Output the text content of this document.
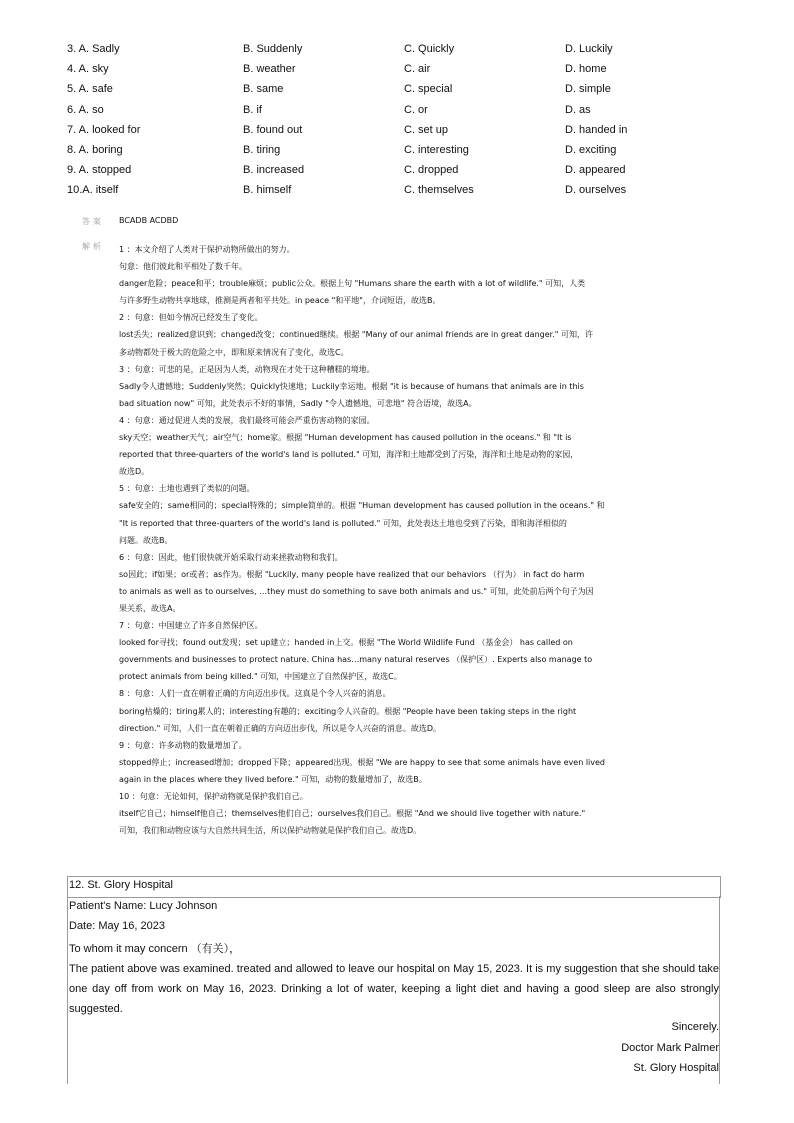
3. A. Sadly	B. Suddenly	C. Quickly	D. Luckily
4. A. sky	B. weather	C. air	D. home
5. A. safe	B. same	C. special	D. simple
6. A. so	B. if	C. or	D. as
7. A. looked for	B. found out	C. set up	D. handed in
8. A. boring	B. tiring	C. interesting	D. exciting
9. A. stopped	B. increased	C. dropped	D. appeared
10.A. itself	B. himself	C. themselves	D. ourselves
答案 BCADB ACDBD
解析 1 ：本文介绍了人类对于保护动物所做出的努力。
句意：他们彼此和平相处了数千年。
danger危险；peace和平；trouble麻烦；public公众。根据上句 "Humans share the earth with a lot of wildlife." 可知，人类
与许多野生动物共享地球，推测是两者和平共处。in peace "和平地"，介词短语，故选B。
2 ：句意：但如今情况已经发生了变化。
lost丢失；realized意识到；changed改变；continued继续。根据 "Many of our animal friends are in great danger." 可知，许
多动物都处于极大的危险之中，即和原来情况有了变化，故选C。
3 ：句意：可悲的是，正是因为人类，动物现在才处于这种糟糕的境地。
Sadly令人遗憾地；Suddenly突然；Quickly快速地；Luckily幸运地。根据 "it is because of humans that animals are in this
bad situation now" 可知，此处表示不好的事情，Sadly "令人遗憾地，可悲地" 符合语境，故选A。
4 ：句意：通过促进人类的发展，我们最终可能会严重伤害动物的家园。
sky天空；weather天气；air空气；home家。根据 "Human development has caused pollution in the oceans." 和 "It is
reported that three-quarters of the world's land is polluted." 可知，海洋和土地都受到了污染，海洋和土地是动物的家园，
故选D。
5 ：句意：土地也遇到了类似的问题。
safe安全的；same相同的；special特殊的；simple简单的。根据 "Human development has caused pollution in the oceans." 和
"It is reported that three-quarters of the world's land is polluted." 可知，此处表达土地也受到了污染，即和海洋相似的
问题。故选B。
6 ：句意：因此，他们很快就开始采取行动来拯救动物和我们。
so因此；if如果；or或者；as作为。根据 "Luckily, many people have realized that our behaviors （行为） in fact do harm
to animals as well as to ourselves, …they must do something to save both animals and us." 可知，此处前后两个句子为因
果关系，故选A。
7 ：句意：中国建立了许多自然保护区。
looked for寻找；found out发现；set up建立；handed in上交。根据 "The World Wildlife Fund （基金会） has called on
governments and businesses to protect nature. China has…many natural reserves （保护区）. Experts also manage to
protect animals from being killed." 可知，中国建立了自然保护区，故选C。
8 ：句意：人们一直在朝着正确的方向迈出步伐。这真是个令人兴奋的消息。
boring枯燥的；tiring累人的；interesting有趣的；exciting令人兴奋的。根据 "People have been taking steps in the right
direction." 可知，人们一直在朝着正确的方向迈出步伐，所以是令人兴奋的消息。故选D。
9 ：句意：许多动物的数量增加了。
stopped停止；increased增加；dropped下降；appeared出现。根据 "We are happy to see that some animals have even lived
again in the places where they lived before." 可知，动物的数量增加了，故选B。
10 ：句意：无论如何，保护动物就是保护我们自己。
itself它自己；himself他自己；themselves他们自己；ourselves我们自己。根据 "And we should live together with nature."
可知，我们和动物应该与大自然共同生活，所以保护动物就是保护我们自己。故选D。
12. St. Glory Hospital
Patient's Name: Lucy Johnson
Date: May 16, 2023
To whom it may concern （有关），
The patient above was examined. treated and allowed to leave our hospital on May 15, 2023. It is my suggestion that she should take one day off from work on May 16, 2023. Drinking a lot of water, keeping a light diet and having a good sleep are also strongly suggested.
Sincerely.
Doctor Mark Palmer
St. Glory Hospital
